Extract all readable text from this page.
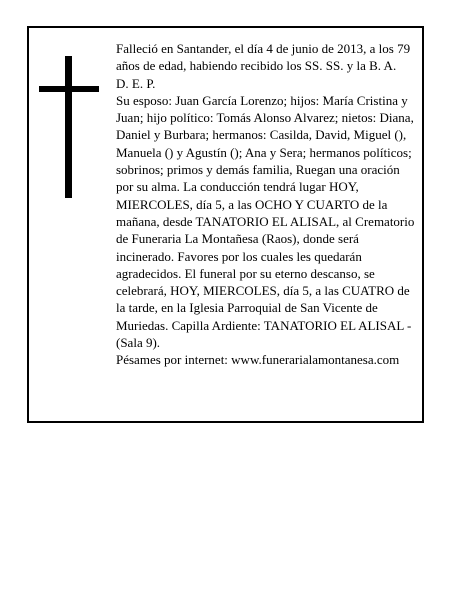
Falleció en Santander, el día 4 de junio de 2013, a los 79 años de edad, habiendo recibido los SS. SS. y la B. A.

D. E. P.

Su esposo: Juan García Lorenzo; hijos: María Cristina y Juan; hijo político: Tomás Alonso Alvarez; nietos: Diana, Daniel y Burbara; hermanos: Casilda, David, Miguel (), Manuela () y Agustín (); Ana y Sera; hermanos políticos; sobrinos; primos y demás familia, Ruegan una oración por su alma. La conducción tendrá lugar HOY, MIERCOLES, día 5, a las OCHO Y CUARTO de la mañana, desde TANATORIO EL ALISAL, al Crematorio de Funeraria La Montañesa (Raos), donde será incinerado. Favores por los cuales les quedarán agradecidos. El funeral por su eterno descanso, se celebrará, HOY, MIERCOLES, día 5, a las CUATRO de la tarde, en la Iglesia Parroquial de San Vicente de Muriedas. Capilla Ardiente: TANATORIO EL ALISAL - (Sala 9).

Pésames por internet: www.funerarialamontanesa.com
